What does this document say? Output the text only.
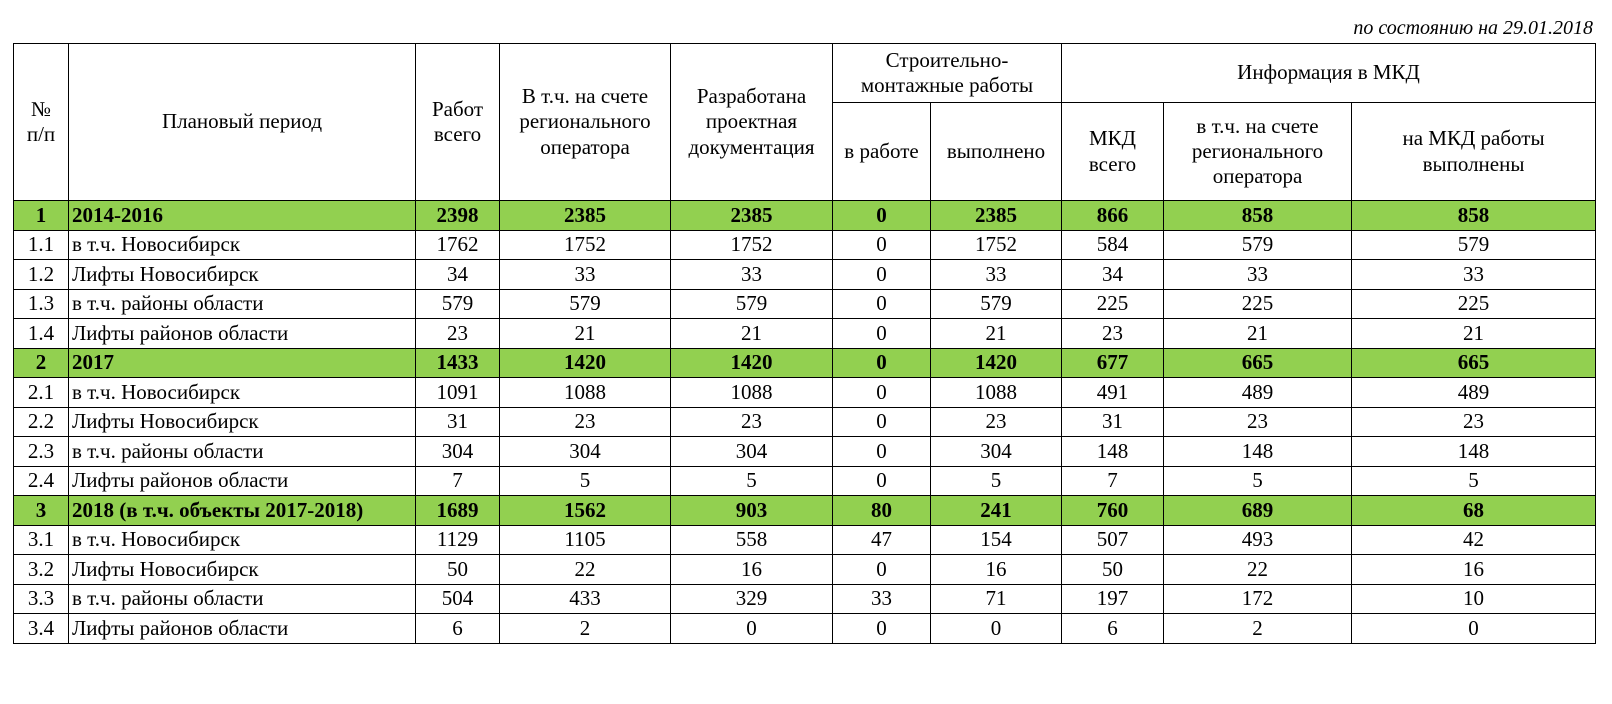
по состоянию на 29.01.2018
№
п/п	Плановый период	Работ всего	В т.ч. на счете регионального оператора	Разработана проектная документация	Строительно-монтажные работы		Информация в МКД		
					в работе	выполнено	МКД всего	в т.ч. на счете регионального оператора	на МКД работы выполнены
1	2014-2016	2398	2385	2385	0	2385	866	858	858
1.1	в т.ч. Новосибирск	1762	1752	1752	0	1752	584	579	579
1.2	Лифты Новосибирск	34	33	33	0	33	34	33	33
1.3	в т.ч. районы области	579	579	579	0	579	225	225	225
1.4	Лифты районов области	23	21	21	0	21	23	21	21
2	2017	1433	1420	1420	0	1420	677	665	665
2.1	в т.ч. Новосибирск	1091	1088	1088	0	1088	491	489	489
2.2	Лифты Новосибирск	31	23	23	0	23	31	23	23
2.3	в т.ч. районы области	304	304	304	0	304	148	148	148
2.4	Лифты районов области	7	5	5	0	5	7	5	5
3	2018 (в т.ч. объекты 2017-2018)	1689	1562	903	80	241	760	689	68
3.1	в т.ч. Новосибирск	1129	1105	558	47	154	507	493	42
3.2	Лифты Новосибирск	50	22	16	0	16	50	22	16
3.3	в т.ч. районы области	504	433	329	33	71	197	172	10
3.4	Лифты районов области	6	2	0	0	0	6	2	0
